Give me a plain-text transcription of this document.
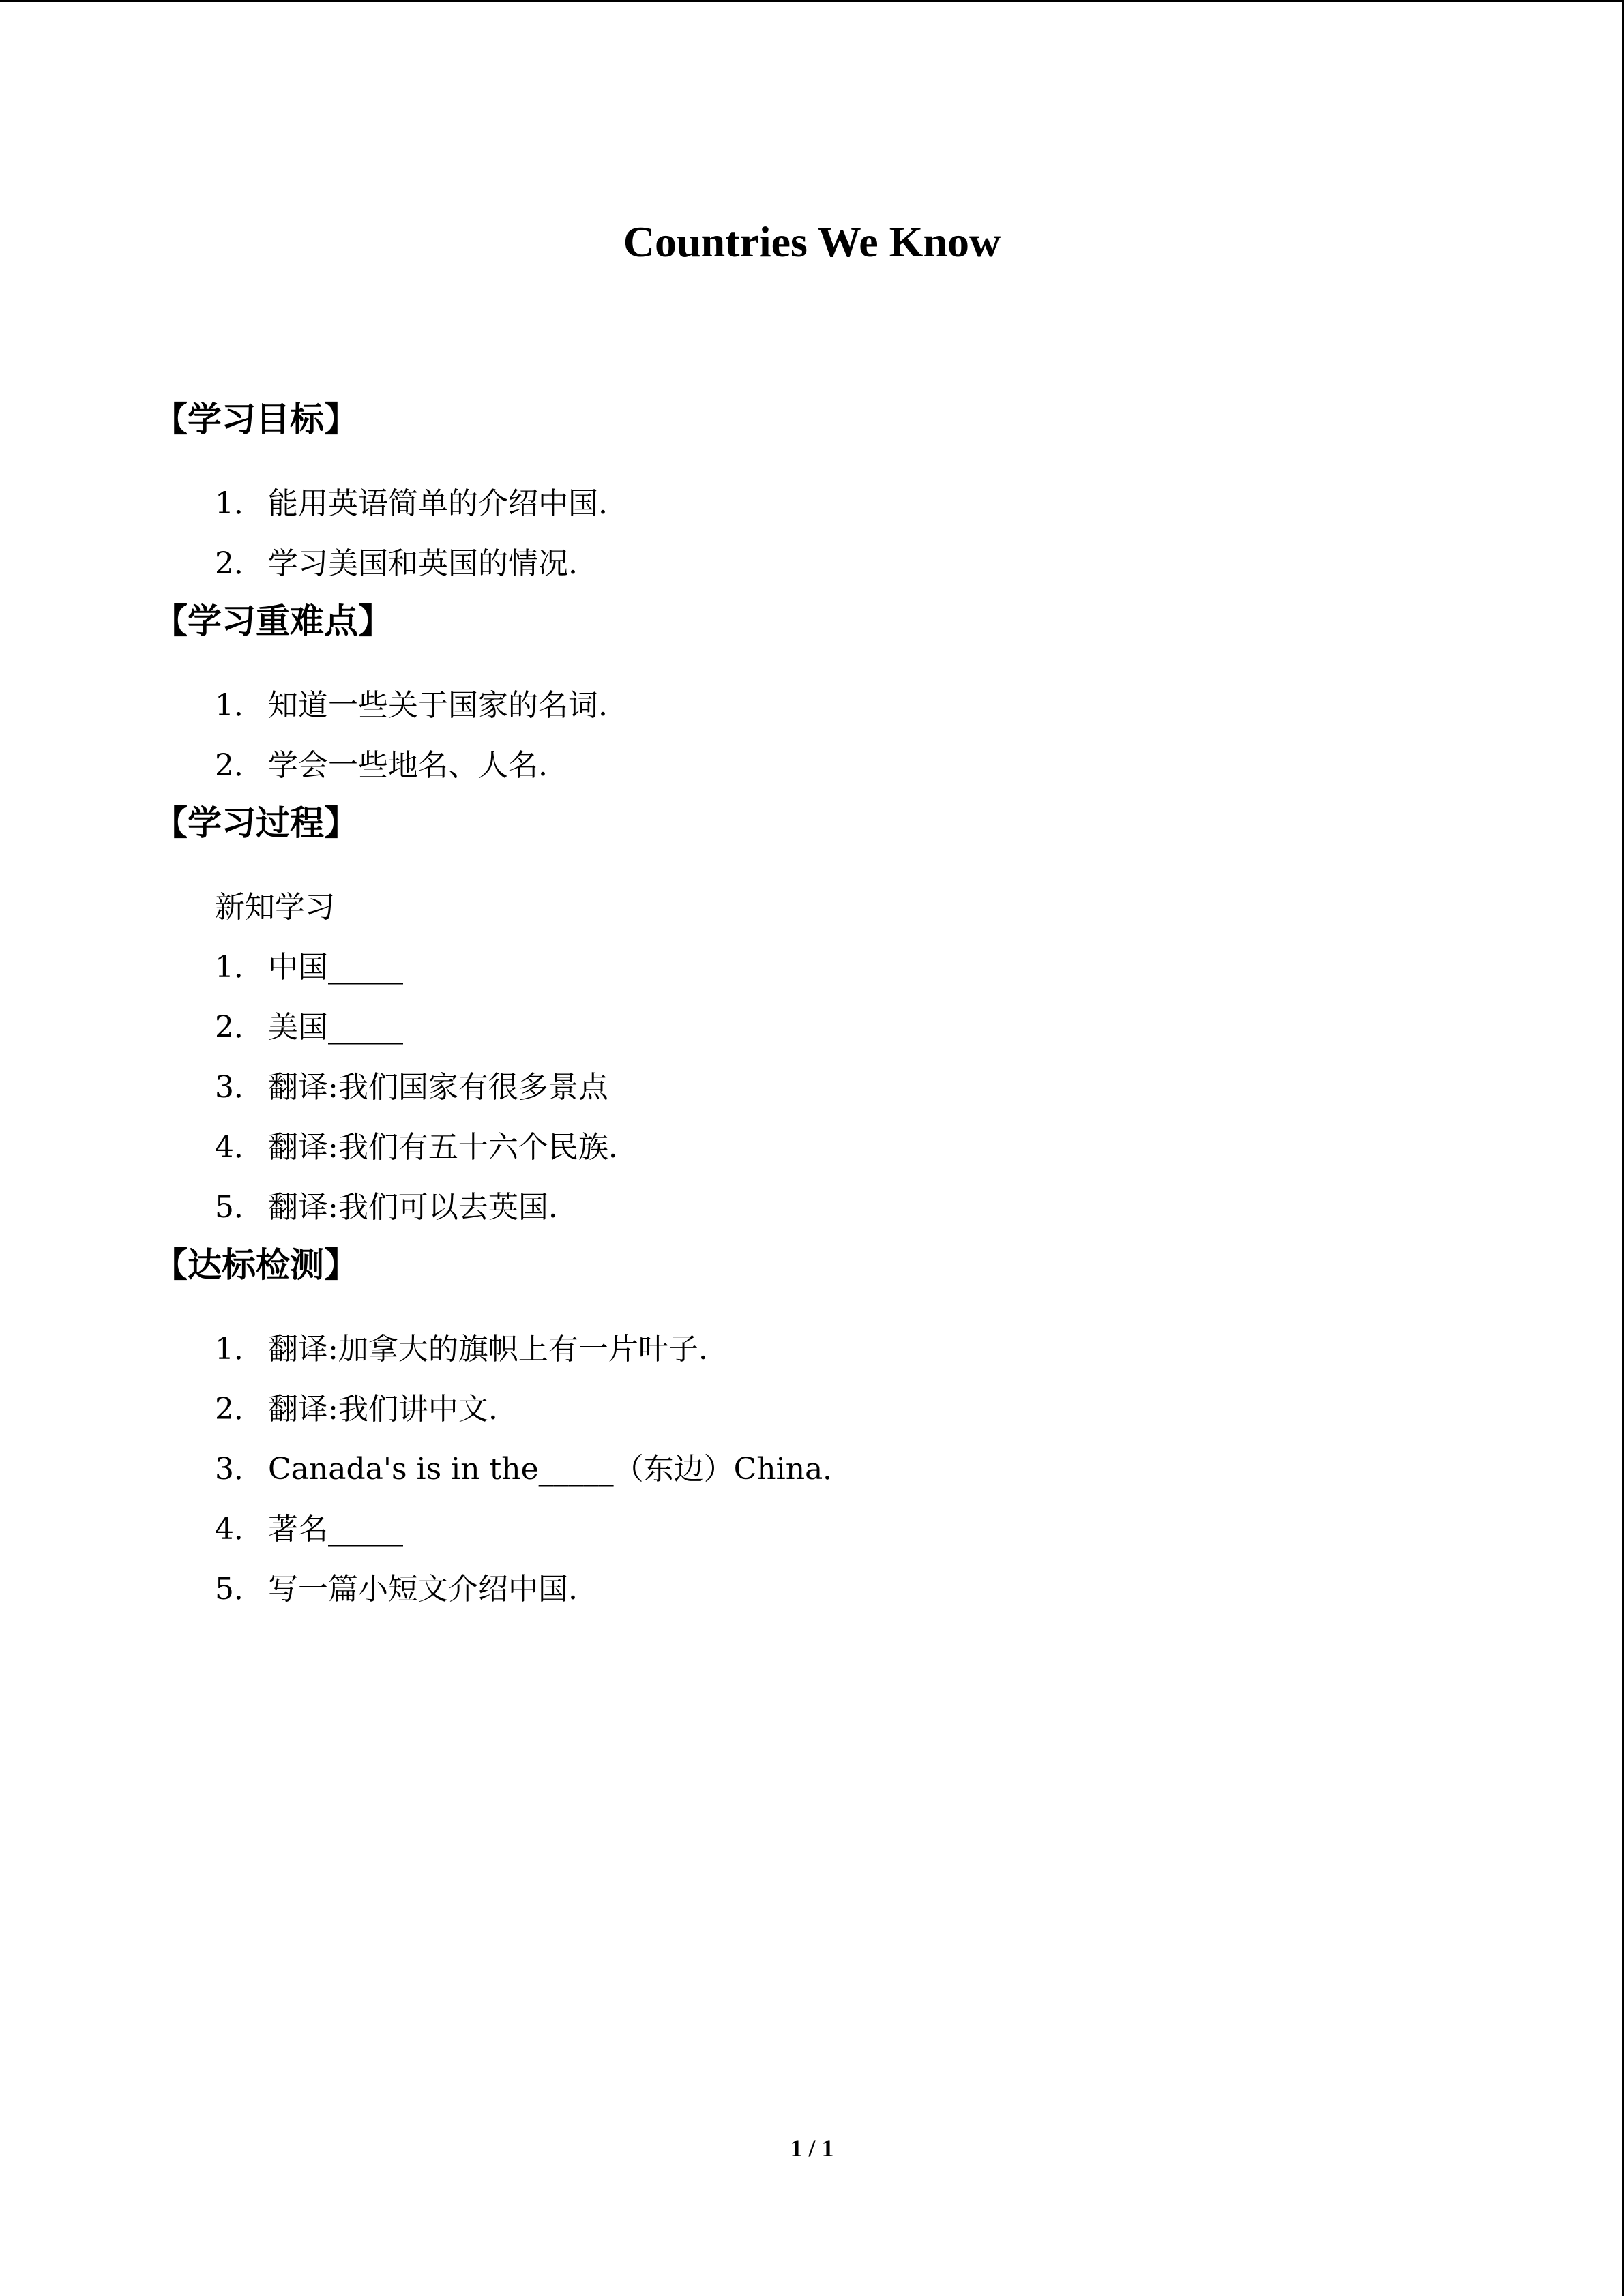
Countries We Know
【学习目标】
1． 能用英语简单的介绍中国.
2． 学习美国和英国的情况.
【学习重难点】
1． 知道一些关于国家的名词.
2． 学会一些地名、人名.
【学习过程】
新知学习
1． 中国_____
2． 美国_____
3． 翻译:我们国家有很多景点
4． 翻译:我们有五十六个民族.
5． 翻译:我们可以去英国.
【达标检测】
1． 翻译:加拿大的旗帜上有一片叶子.
2． 翻译:我们讲中文.
3． Canada's is in the_____（东边）China．
4． 著名_____
5． 写一篇小短文介绍中国.
1 / 1
